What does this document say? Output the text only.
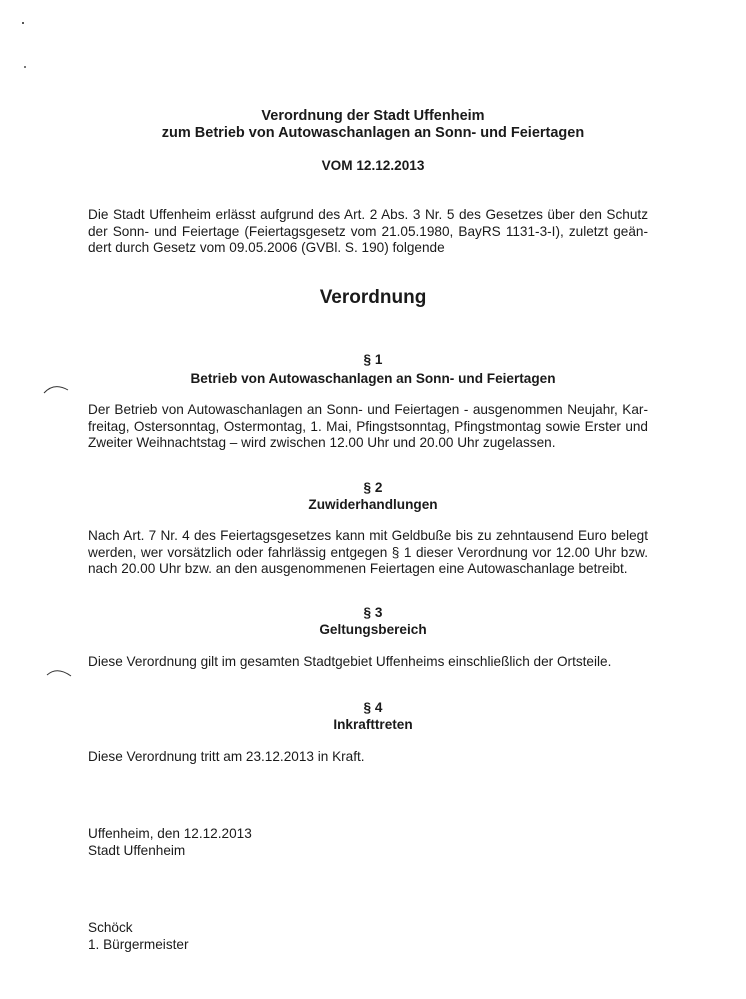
Verordnung der Stadt Uffenheim
zum Betrieb von Autowaschanlagen an Sonn- und Feiertagen
VOM 12.12.2013
Die Stadt Uffenheim erlässt aufgrund des Art. 2 Abs. 3 Nr. 5 des Gesetzes über den Schutz
der Sonn- und Feiertage (Feiertagsgesetz vom 21.05.1980, BayRS 1131-3-I), zuletzt geän-
dert durch Gesetz vom 09.05.2006 (GVBl. S. 190) folgende
Verordnung
§ 1
Betrieb von Autowaschanlagen an Sonn- und Feiertagen
Der Betrieb von Autowaschanlagen an Sonn- und Feiertagen - ausgenommen Neujahr, Kar-
freitag, Ostersonntag, Ostermontag, 1. Mai, Pfingstsonntag, Pfingstmontag sowie Erster und
Zweiter Weihnachtstag – wird zwischen 12.00 Uhr und 20.00 Uhr zugelassen.
§ 2
Zuwiderhandlungen
Nach Art. 7 Nr. 4 des Feiertagsgesetzes kann mit Geldbuße bis zu zehntausend Euro belegt
werden, wer vorsätzlich oder fahrlässig entgegen § 1 dieser Verordnung vor 12.00 Uhr bzw.
nach 20.00 Uhr bzw. an den ausgenommenen Feiertagen eine Autowaschanlage betreibt.
§ 3
Geltungsbereich
Diese Verordnung gilt im gesamten Stadtgebiet Uffenheims einschließlich der Ortsteile.
§ 4
Inkrafttreten
Diese Verordnung tritt am 23.12.2013 in Kraft.
Uffenheim, den 12.12.2013
Stadt Uffenheim
Schöck
1. Bürgermeister
